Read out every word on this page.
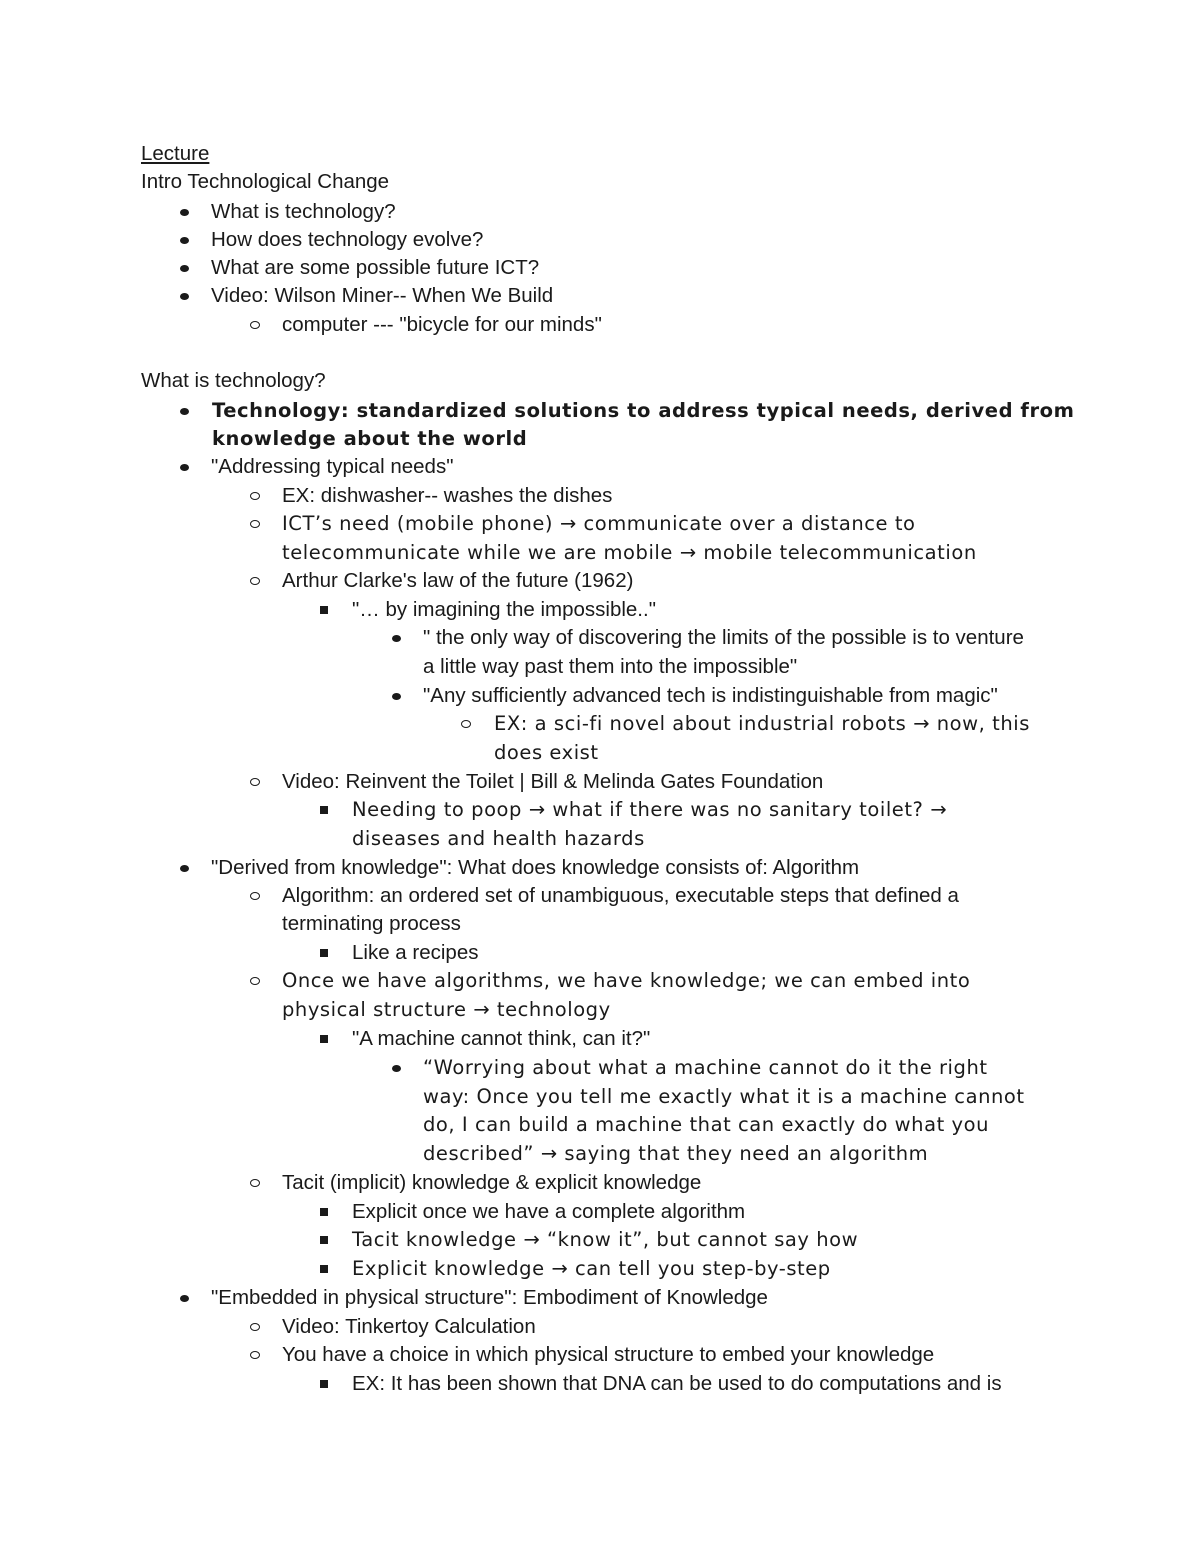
Lecture
Intro Technological Change
What is technology?
How does technology evolve?
What are some possible future ICT?
Video: Wilson Miner-- When We Build
computer --- "bicycle for our minds"
What is technology?
Technology: standardized solutions to address typical needs, derived from
knowledge about the world
"Addressing typical needs"
EX: dishwasher-- washes the dishes
ICT’s need (mobile phone) → communicate over a distance to
telecommunicate while we are mobile → mobile telecommunication
Arthur Clarke's law of the future (1962)
"… by imagining the impossible.."
" the only way of discovering the limits of the possible is to venture
a little way past them into the impossible"
"Any sufficiently advanced tech is indistinguishable from magic"
EX: a sci-fi novel about industrial robots → now, this
does exist
Video: Reinvent the Toilet | Bill & Melinda Gates Foundation
Needing to poop → what if there was no sanitary toilet? →
diseases and health hazards
"Derived from knowledge": What does knowledge consists of: Algorithm
Algorithm: an ordered set of unambiguous, executable steps that defined a
terminating process
Like a recipes
Once we have algorithms, we have knowledge; we can embed into
physical structure → technology
"A machine cannot think, can it?"
“Worrying about what a machine cannot do it the right
way: Once you tell me exactly what it is a machine cannot
do, I can build a machine that can exactly do what you
described” → saying that they need an algorithm
Tacit (implicit) knowledge & explicit knowledge
Explicit once we have a complete algorithm
Tacit knowledge → “know it”, but cannot say how
Explicit knowledge → can tell you step-by-step
"Embedded in physical structure": Embodiment of Knowledge
Video: Tinkertoy Calculation
You have a choice in which physical structure to embed your knowledge
EX: It has been shown that DNA can be used to do computations and is
